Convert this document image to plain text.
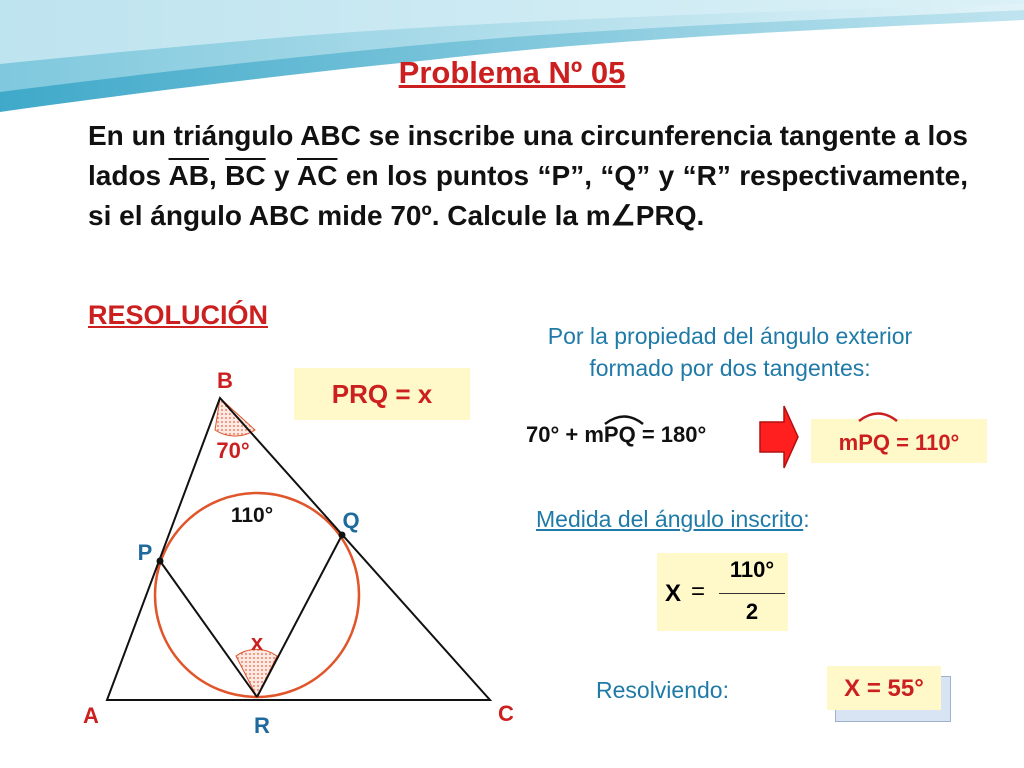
Problema Nº 05
En un triángulo ABC se inscribe una circunferencia tangente a los lados $\overline{AB}$, $\overline{BC}$ y $\overline{AC}$ en los puntos “P”, “Q” y “R” respectivamente, si el ángulo ABC mide 70º. Calcule la m∠PRQ.
RESOLUCIÓN
Por la propiedad del ángulo exterior
formado por dos tangentes:
PRQ = x
70° + m
PQ = 180°	m
PQ = 110°
Medida del ángulo inscrito:
X =
110°
2
Resolviendo:	X = 55°
B
A	C
P
Q
R
70°
110°
x
